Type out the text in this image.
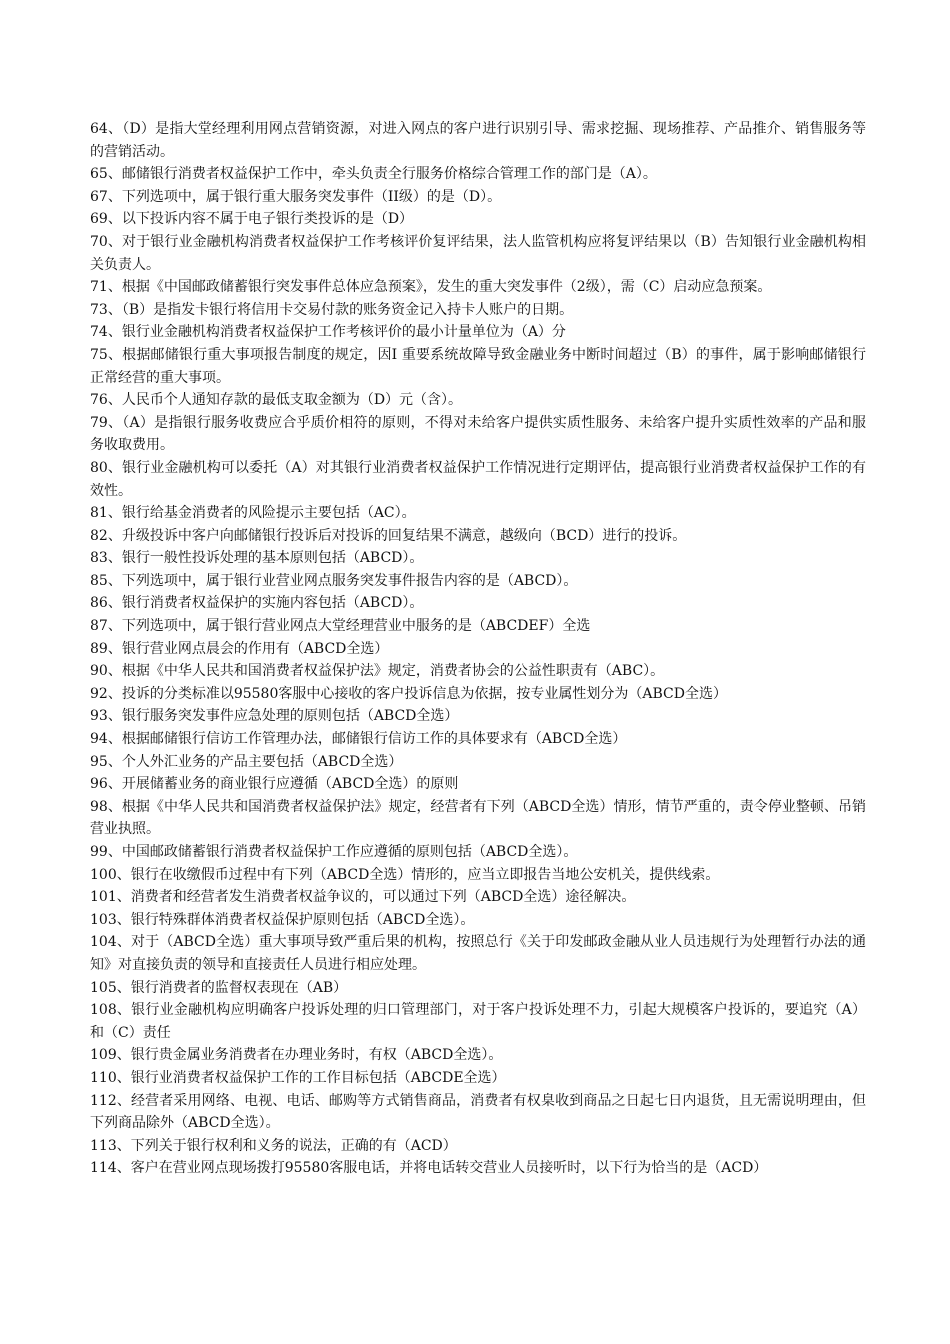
64、（D）是指大堂经理利用网点营销资源，对进入网点的客户进行识别引导、需求挖掘、现场推荐、产品推介、销售服务等的营销活动。

65、邮储银行消费者权益保护工作中，牵头负责全行服务价格综合管理工作的部门是（A）。

67、下列选项中，属于银行重大服务突发事件（II级）的是（D）。

69、以下投诉内容不属于电子银行类投诉的是（D）

70、对于银行业金融机构消费者权益保护工作考核评价复评结果，法人监管机构应将复评结果以（B）告知银行业金融机构相关负责人。

71、根据《中国邮政储蓄银行突发事件总体应急预案》，发生的重大突发事件（2级），需（C）启动应急预案。

73、（B）是指发卡银行将信用卡交易付款的账务资金记入持卡人账户的日期。

74、银行业金融机构消费者权益保护工作考核评价的最小计量单位为（A）分

75、根据邮储银行重大事项报告制度的规定，因I 重要系统故障导致金融业务中断时间超过（B）的事件，属于影响邮储银行正常经营的重大事项。

76、人民币个人通知存款的最低支取金额为（D）元（含）。

79、（A）是指银行服务收费应合乎质价相符的原则，不得对未给客户提供实质性服务、未给客户提升实质性效率的产品和服务收取费用。

80、银行业金融机构可以委托（A）对其银行业消费者权益保护工作情况进行定期评估，提高银行业消费者权益保护工作的有效性。

81、银行给基金消费者的风险提示主要包括（AC）。

82、升级投诉中客户向邮储银行投诉后对投诉的回复结果不满意，越级向（BCD）进行的投诉。

83、银行一般性投诉处理的基本原则包括（ABCD）。

85、下列选项中，属于银行业营业网点服务突发事件报告内容的是（ABCD）。

86、银行消费者权益保护的实施内容包括（ABCD）。

87、下列选项中，属于银行营业网点大堂经理营业中服务的是（ABCDEF）全选

89、银行营业网点晨会的作用有（ABCD全选）

90、根据《中华人民共和国消费者权益保护法》规定，消费者协会的公益性职责有（ABC）。

92、投诉的分类标准以95580客服中心接收的客户投诉信息为依据，按专业属性划分为（ABCD全选）

93、银行服务突发事件应急处理的原则包括（ABCD全选）

94、根据邮储银行信访工作管理办法，邮储银行信访工作的具体要求有（ABCD全选）

95、个人外汇业务的产品主要包括（ABCD全选）

96、开展储蓄业务的商业银行应遵循（ABCD全选）的原则

98、根据《中华人民共和国消费者权益保护法》规定，经营者有下列（ABCD全选）情形，情节严重的，责令停业整顿、吊销营业执照。

99、中国邮政储蓄银行消费者权益保护工作应遵循的原则包括（ABCD全选）。

100、银行在收缴假币过程中有下列（ABCD全选）情形的，应当立即报告当地公安机关，提供线索。

101、消费者和经营者发生消费者权益争议的，可以通过下列（ABCD全选）途径解决。

103、银行特殊群体消费者权益保护原则包括（ABCD全选）。

104、对于（ABCD全选）重大事项导致严重后果的机构，按照总行《关于印发邮政金融从业人员违规行为处理暂行办法的通知》对直接负责的领导和直接责任人员进行相应处理。

105、银行消费者的监督权表现在（AB）

108、银行业金融机构应明确客户投诉处理的归口管理部门，对于客户投诉处理不力，引起大规模客户投诉的，要追究（A）和（C）责任

109、银行贵金属业务消费者在办理业务时，有权（ABCD全选）。

110、银行业消费者权益保护工作的工作目标包括（ABCDE全选）

112、经营者采用网络、电视、电话、邮购等方式销售商品，消费者有权臬收到商品之日起七日内退货，且无需说明理由，但下列商品除外（ABCD全选）。

113、下列关于银行权利和义务的说法，正确的有（ACD）

114、客户在营业网点现场拨打95580客服电话，并将电话转交营业人员接听时，以下行为恰当的是（ACD）
